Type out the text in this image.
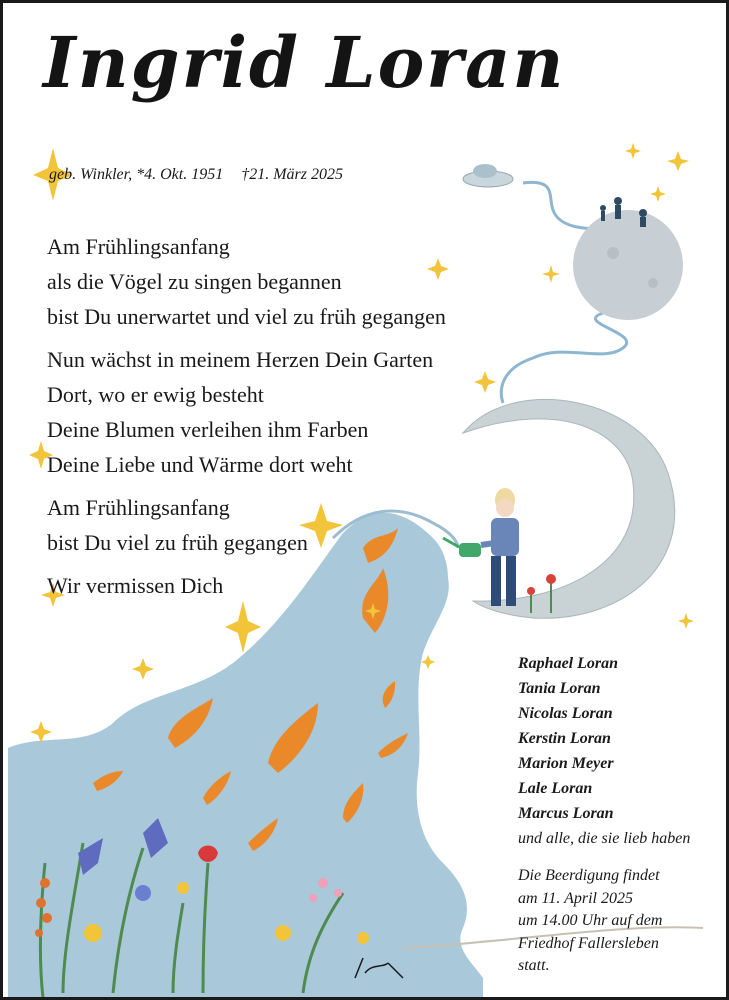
Ingrid Loran
geb. Winkler, *4. Okt. 1951 †21. März 2025
Am Frühlingsanfang
als die Vögel zu singen begannen
bist Du unerwartet und viel zu früh gegangen
Nun wächst in meinem Herzen Dein Garten
Dort, wo er ewig besteht
Deine Blumen verleihen ihm Farben
Deine Liebe und Wärme dort weht
Am Frühlingsanfang
bist Du viel zu früh gegangen
Wir vermissen Dich
Raphael Loran
Tania Loran
Nicolas Loran
Kerstin Loran
Marion Meyer
Lale Loran
Marcus Loran
und alle, die sie lieb haben
Die Beerdigung findet
am 11. April 2025
um 14.00 Uhr auf dem
Friedhof Fallersleben
statt.
